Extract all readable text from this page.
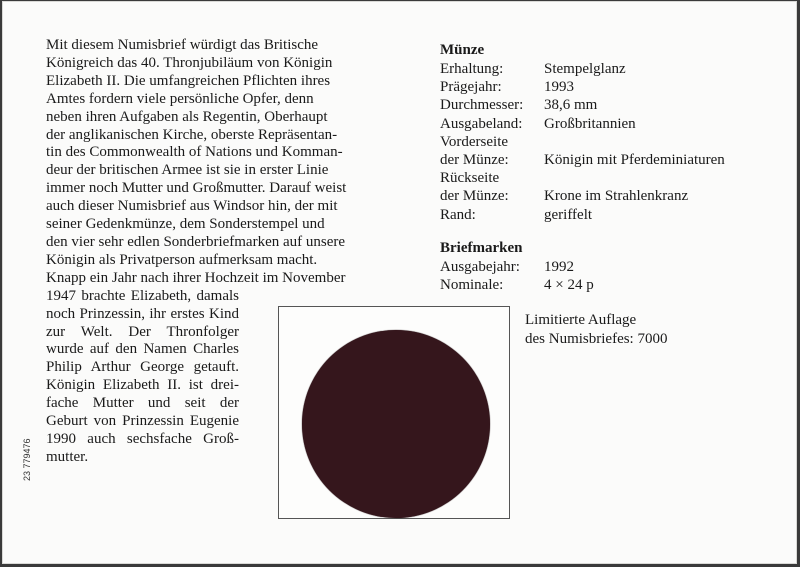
Mit diesem Numisbrief würdigt das Britische
Königreich das 40. Thronjubiläum von Königin
Elizabeth II. Die umfangreichen Pflichten ihres
Amtes fordern viele persönliche Opfer, denn
neben ihren Aufgaben als Regentin, Oberhaupt
der anglikanischen Kirche, oberste Repräsentan-
tin des Commonwealth of Nations und Komman-
deur der britischen Armee ist sie in erster Linie
immer noch Mutter und Großmutter. Darauf weist
auch dieser Numisbrief aus Windsor hin, der mit
seiner Gedenkmünze, dem Sonderstempel und
den vier sehr edlen Sonderbriefmarken auf unsere
Königin als Privatperson aufmerksam macht.
Knapp ein Jahr nach ihrer Hochzeit im November
1947 brachte Elizabeth, damals
noch Prinzessin, ihr erstes Kind
zur Welt. Der Thronfolger
wurde auf den Namen Charles
Philip Arthur George getauft.
Königin Elizabeth II. ist drei-
fache Mutter und seit der
Geburt von Prinzessin Eugenie
1990 auch sechsfache Groß-
mutter.
23 779476
Münze
Erhaltung:	Stempelglanz
Prägejahr:	1993
Durchmesser:	38,6 mm
Ausgabeland:	Großbritannien
Vorderseite
der Münze:	Königin mit Pferdeminiaturen
Rückseite
der Münze:	Krone im Strahlenkranz
Rand:	geriffelt
Briefmarken
Ausgabejahr:	1992
Nominale:	4 × 24 p
Limitierte Auflage
des Numisbriefes: 7000
